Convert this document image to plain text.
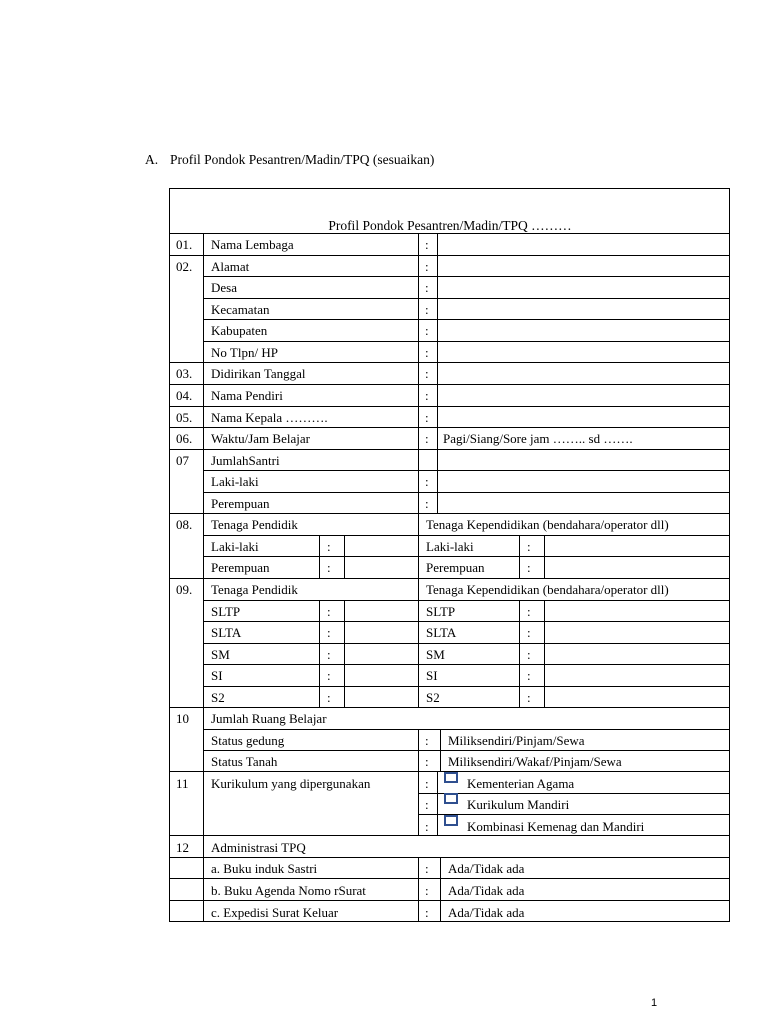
A. Profil Pondok Pesantren/Madin/TPQ (sesuaikan)
Profil Pondok Pesantren/Madin/TPQ ………
01. Nama Lembaga	:
02. Alamat	:
Desa	:
Kecamatan	:
Kabupaten	:
No Tlpn/ HP	:
03. Didirikan Tanggal	:
04. Nama Pendiri	:
05. Nama Kepala ……….	:
06. Waktu/Jam Belajar	: Pagi/Siang/Sore jam …….. sd …….
07 JumlahSantri
Laki-laki	:
Perempuan	:
08. Tenaga Pendidik	Tenaga Kependidikan (bendahara/operator dll)
Laki-laki	:	Laki-laki	:
Perempuan	:	Perempuan	:
09. Tenaga Pendidik	Tenaga Kependidikan (bendahara/operator dll)
SLTP	:	SLTP	:
SLTA	:	SLTA	:
SM	:	SM	:
SI	:	SI	:
S2	:	S2	:
10 Jumlah Ruang Belajar
Status gedung	: Miliksendiri/Pinjam/Sewa
Status Tanah	: Miliksendiri/Wakaf/Pinjam/Sewa
11 Kurikulum yang dipergunakan	:	Kementerian Agama
:	Kurikulum Mandiri
:	Kombinasi Kemenag dan Mandiri
12 Administrasi TPQ
a. Buku induk Sastri	: Ada/Tidak ada
b. Buku Agenda Nomo rSurat	: Ada/Tidak ada
c. Expedisi Surat Keluar	: Ada/Tidak ada
1
